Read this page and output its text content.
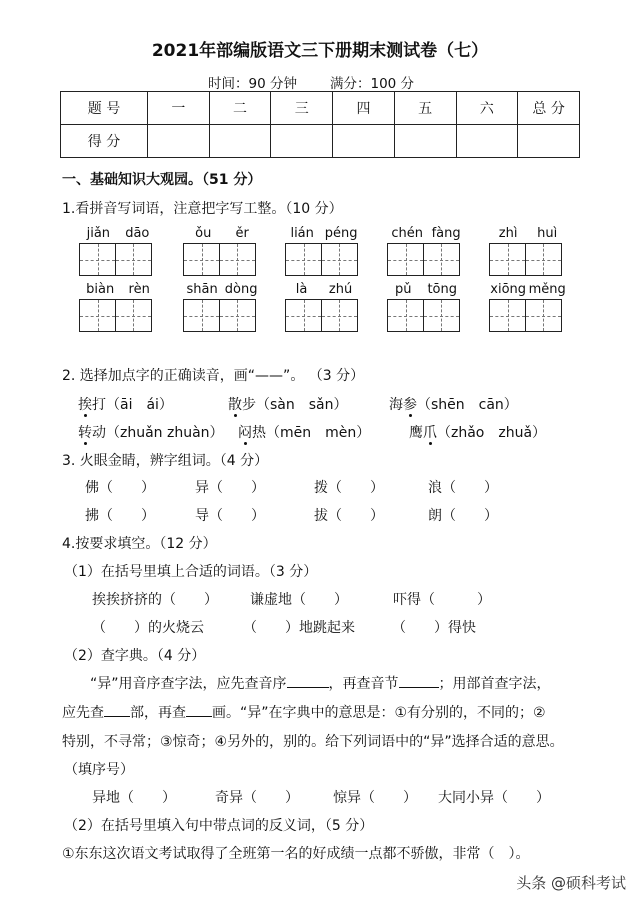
2021年部编版语文三下册期末测试卷（七）
时间：90 分钟 满分：100 分
题 号	一	二	三	四	五	六	总 分
得 分							
一、基础知识大观园。（51 分）
1.看拼音写词语，注意把字写工整。（10 分）
jiǎn dāo	ǒu ěr	lián péng	chén fàng	zhì huì
biàn rèn	shān dòng	là zhú	pǔ tōng	xiōng měng
2. 选择加点字的正确读音，画“——”。 （3 分）
挨打（āi　ái）	散步（sàn　sǎn）	海参（shēn　cān）
转动（zhuǎn zhuàn） 闷热（mēn　mèn）	鹰爪（zhǎo　zhuǎ）
3. 火眼金睛，辨字组词。（4 分）
佛（　　）	异（　　）	拨（　　）	浪（　　）
拂（　　）	导（　　）	拔（　　）	朗（　　）
4.按要求填空。（12 分）
（1）在括号里填上合适的词语。（3 分）
挨挨挤挤的（　　） 谦虚地（　　）	吓得（　　　）
（　　）的火烧云	（　　）地跳起来	（　　）得快
（2）查字典。（4 分）
“异”用音序查字法，应先查音序	，再查音节	；用部首查字法，
应先查 部，再查 画。“异”在字典中的意思是：①有分别的，不同的；②
特别，不寻常；③惊奇；④另外的，别的。给下列词语中的“异”选择合适的意思。
（填序号）
异地（　　）	奇异（　　） 惊异（　　） 大同小异（　　）
（2）在括号里填入句中带点词的反义词，（5 分）
①东东这次语文考试取得了全班第一名的好成绩一点都不骄傲，非常（　）。
头条 @硕科考试
